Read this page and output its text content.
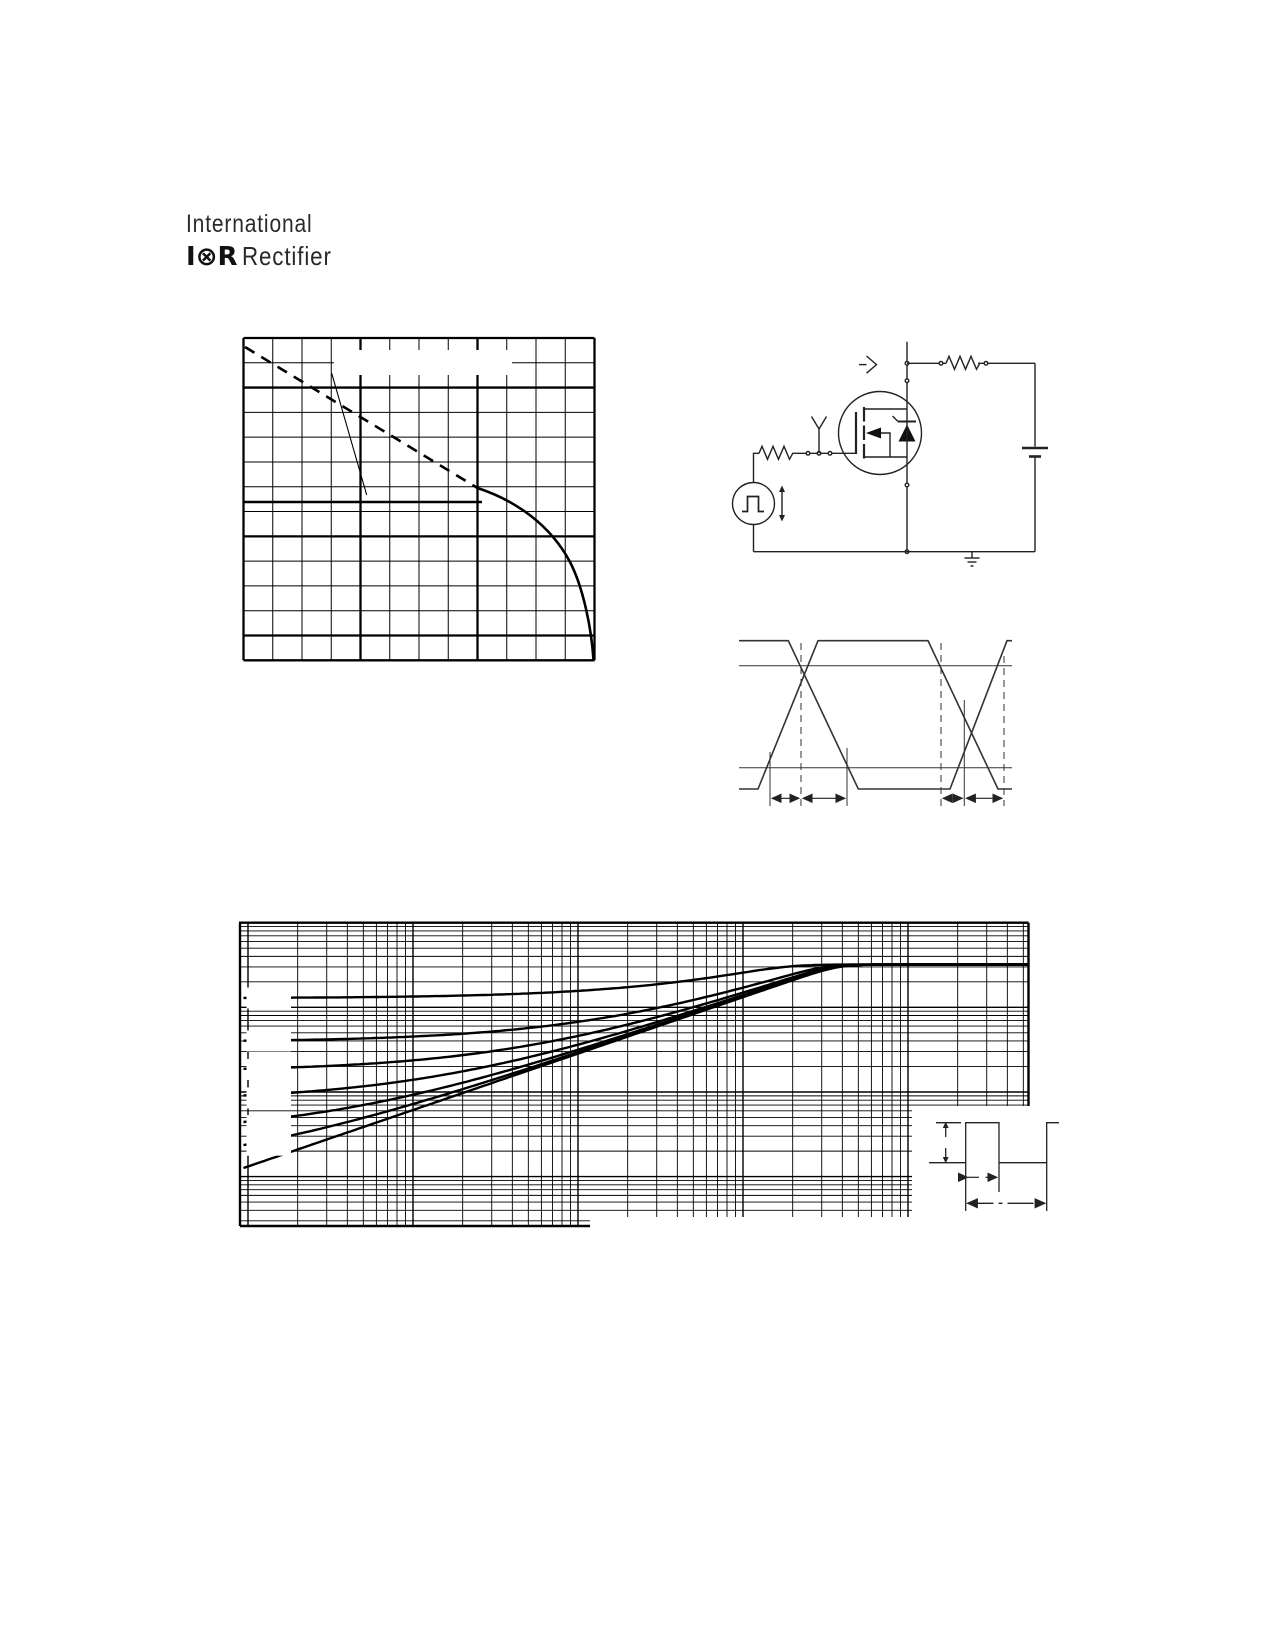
International
I⊗R Rectifier
